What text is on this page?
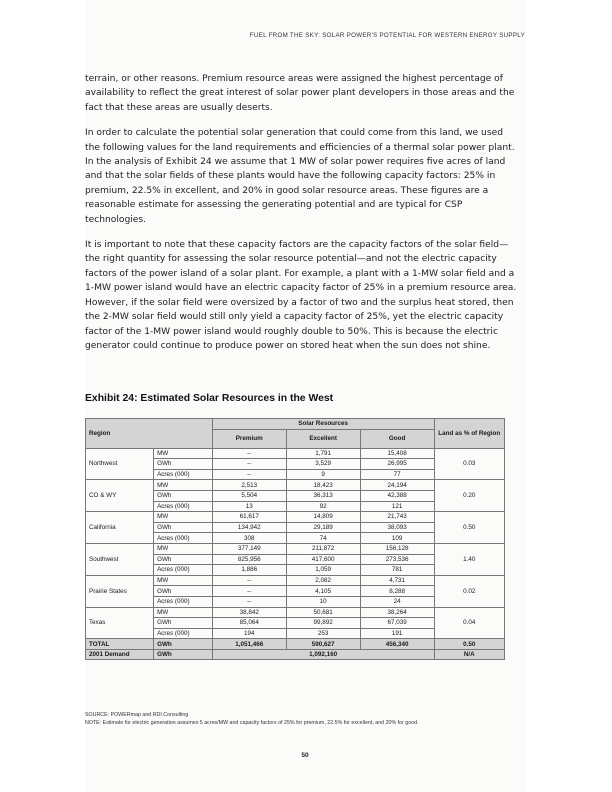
FUEL FROM THE SKY: SOLAR POWER'S POTENTIAL FOR WESTERN ENERGY SUPPLY

terrain, or other reasons. Premium resource areas were assigned the highest percentage of availability to reflect the great interest of solar power plant developers in those areas and the fact that these areas are usually deserts.

In order to calculate the potential solar generation that could come from this land, we used the following values for the land requirements and efficiencies of a thermal solar power plant. In the analysis of Exhibit 24 we assume that 1 MW of solar power requires five acres of land and that the solar fields of these plants would have the following capacity factors: 25% in premium, 22.5% in excellent, and 20% in good solar resource areas. These figures are a reasonable estimate for assessing the generating potential and are typical for CSP technologies.

It is important to note that these capacity factors are the capacity factors of the solar field—the right quantity for assessing the solar resource potential—and not the electric capacity factors of the power island of a solar plant. For example, a plant with a 1-MW solar field and a 1-MW power island would have an electric capacity factor of 25% in a premium resource area. However, if the solar field were oversized by a factor of two and the surplus heat stored, then the 2-MW solar field would still only yield a capacity factor of 25%, yet the electric capacity factor of the 1-MW power island would roughly double to 50%. This is because the electric generator could continue to produce power on stored heat when the sun does not shine.

Exhibit 24: Estimated Solar Resources in the West
Region		Solar Resources			Land as % of Region
		Premium	Excellent	Good	
Northwest	MW	--	1,791	15,408	0.03
	GWh	--	3,529	26,995	
	Acres (000)	--	9	77	
CO & WY	MW	2,513	18,423	24,194	0.20
	GWh	5,504	36,313	42,388	
	Acres (000)	13	92	121	
California	MW	61,617	14,809	21,743	0.50
	GWh	134,942	29,189	38,093	
	Acres (000)	308	74	109	
Southwest	MW	377,149	211,872	156,128	1.40
	GWh	825,956	417,600	273,536	
	Acres (000)	1,886	1,059	781	
Prairie States	MW	--	2,082	4,731	0.02
	GWh	--	4,105	8,288	
	Acres (000)	--	10	24	
Texas	MW	38,842	50,681	38,264	0.04
	GWh	85,064	99,892	67,039	
	Acres (000)	194	253	191	
TOTAL	GWh	1,051,466	590,627	456,340	0.50
2001 Demand	GWh	1,092,160			N/A
SOURCE: POWERmap and RDI Consulting
NOTE: Estimate for electric generation assumes 5 acres/MW and capacity factors of 25% for premium, 22.5% for excellent, and 20% for good.
50
